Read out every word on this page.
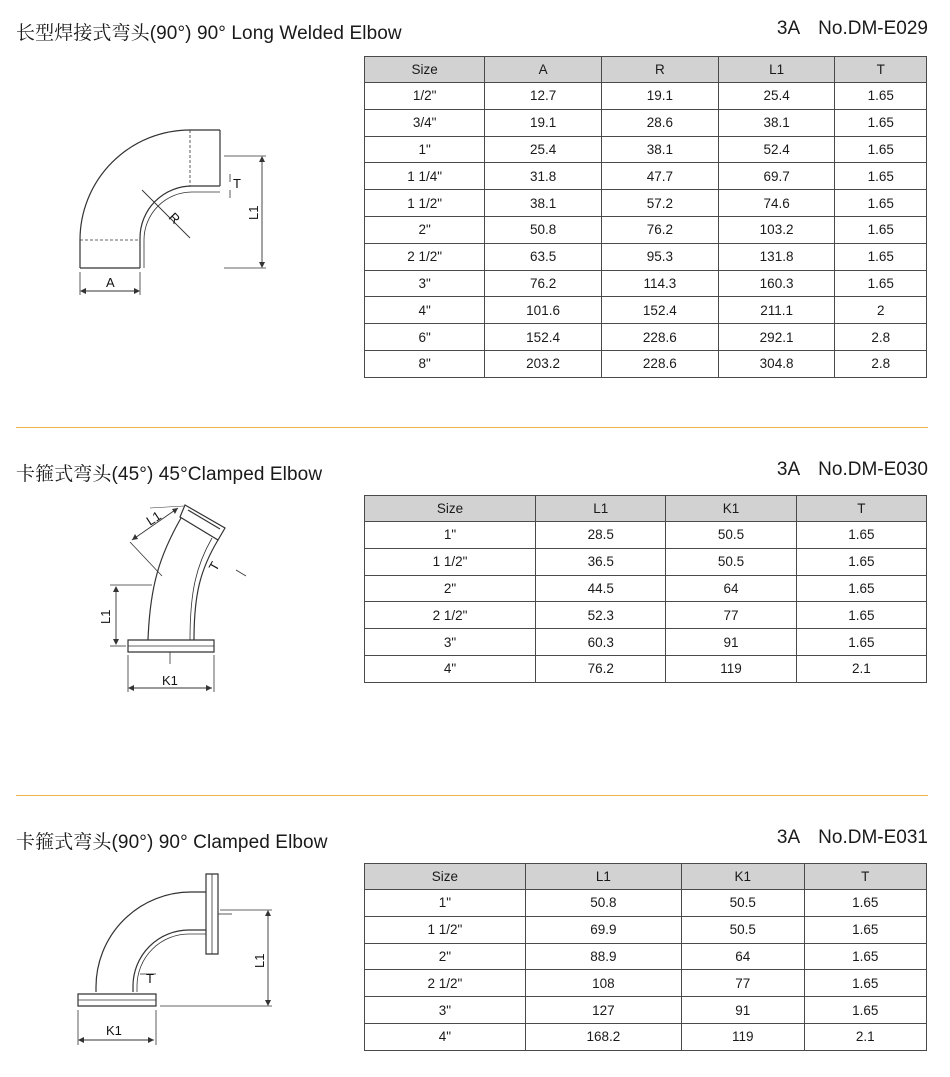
长型焊接式弯头(90°) 90° Long Welded Elbow	3A No.DM-E029
T
R	L1
A
Size	A	R	L1	T
1/2"	12.7	19.1	25.4	1.65
3/4"	19.1	28.6	38.1	1.65
1"	25.4	38.1	52.4	1.65
1 1/4"	31.8	47.7	69.7	1.65
1 1/2"	38.1	57.2	74.6	1.65
2"	50.8	76.2	103.2	1.65
2 1/2"	63.5	95.3	131.8	1.65
3"	76.2	114.3	160.3	1.65
4"	101.6	152.4	211.1	2
6"	152.4	228.6	292.1	2.8
8"	203.2	228.6	304.8	2.8
卡箍式弯头(45°) 45°Clamped Elbow	3A No.DM-E030
L1
T
L1
K1
Size	L1	K1	T
1"	28.5	50.5	1.65
1 1/2"	36.5	50.5	1.65
2"	44.5	64	1.65
2 1/2"	52.3	77	1.65
3"	60.3	91	1.65
4"	76.2	119	2.1
卡箍式弯头(90°) 90° Clamped Elbow	3A No.DM-E031
T
L1
K1
Size	L1	K1	T
1"	50.8	50.5	1.65
1 1/2"	69.9	50.5	1.65
2"	88.9	64	1.65
2 1/2"	108	77	1.65
3"	127	91	1.65
4"	168.2	119	2.1
